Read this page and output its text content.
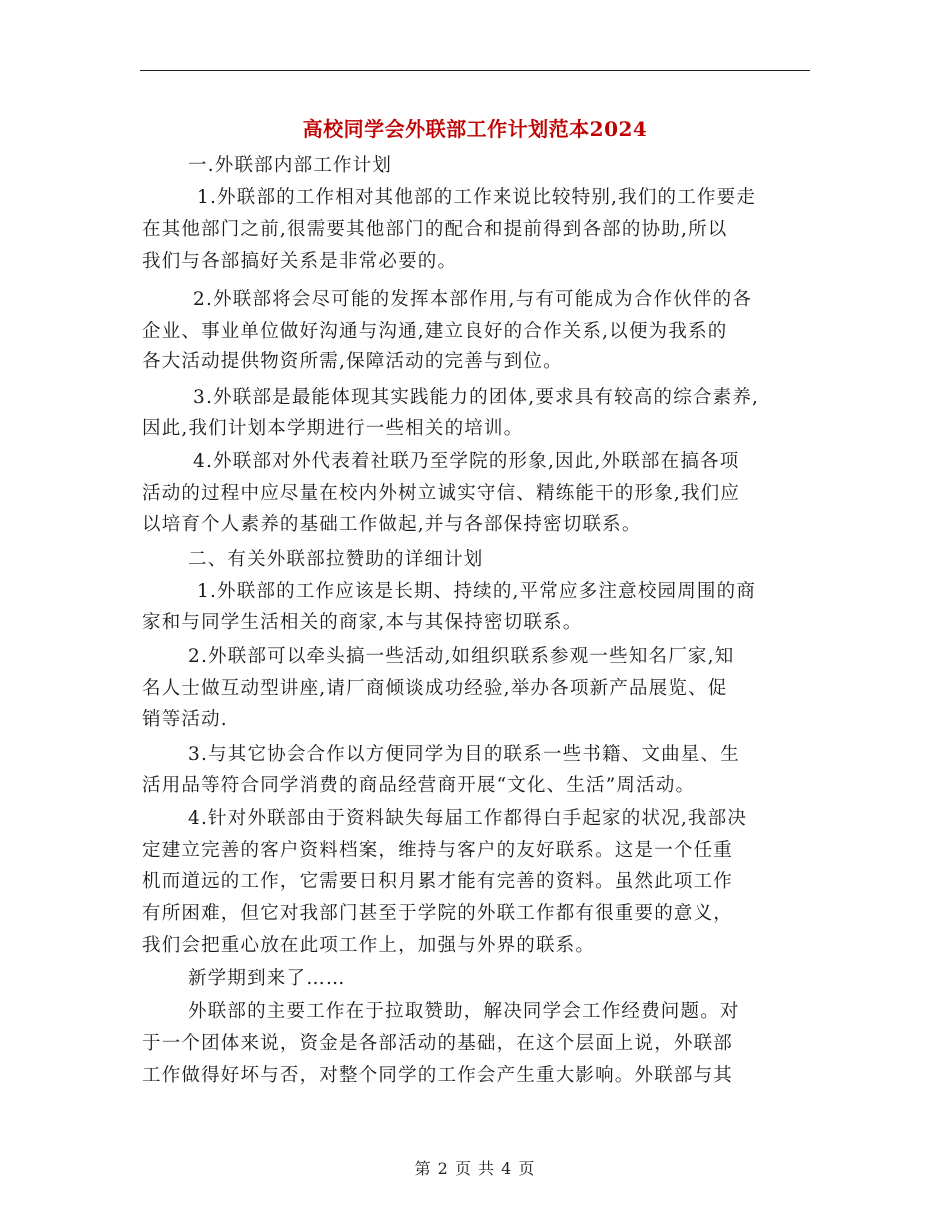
高校同学会外联部工作计划范本2024
一.外联部内部工作计划
1.外联部的工作相对其他部的工作来说比较特别,我们的工作要走
在其他部门之前,很需要其他部门的配合和提前得到各部的协助,所以
我们与各部搞好关系是非常必要的。
2.外联部将会尽可能的发挥本部作用,与有可能成为合作伙伴的各
企业、事业单位做好沟通与沟通,建立良好的合作关系,以便为我系的
各大活动提供物资所需,保障活动的完善与到位。
3.外联部是最能体现其实践能力的团体,要求具有较高的综合素养,
因此,我们计划本学期进行一些相关的培训。
4.外联部对外代表着社联乃至学院的形象,因此,外联部在搞各项
活动的过程中应尽量在校内外树立诚实守信、精练能干的形象,我们应
以培育个人素养的基础工作做起,并与各部保持密切联系。
二、有关外联部拉赞助的详细计划
1.外联部的工作应该是长期、持续的,平常应多注意校园周围的商
家和与同学生活相关的商家,本与其保持密切联系。
2.外联部可以牵头搞一些活动,如组织联系参观一些知名厂家,知
名人士做互动型讲座,请厂商倾谈成功经验,举办各项新产品展览、促
销等活动.
3.与其它协会合作以方便同学为目的联系一些书籍、文曲星、生
活用品等符合同学消费的商品经营商开展“文化、生活”周活动。
4.针对外联部由于资料缺失每届工作都得白手起家的状况,我部决
定建立完善的客户资料档案，维持与客户的友好联系。这是一个任重
机而道远的工作，它需要日积月累才能有完善的资料。虽然此项工作
有所困难，但它对我部门甚至于学院的外联工作都有很重要的意义，
我们会把重心放在此项工作上，加强与外界的联系。
新学期到来了……
外联部的主要工作在于拉取赞助，解决同学会工作经费问题。对
于一个团体来说，资金是各部活动的基础，在这个层面上说，外联部
工作做得好坏与否，对整个同学的工作会产生重大影响。外联部与其
第 2 页 共 4 页
